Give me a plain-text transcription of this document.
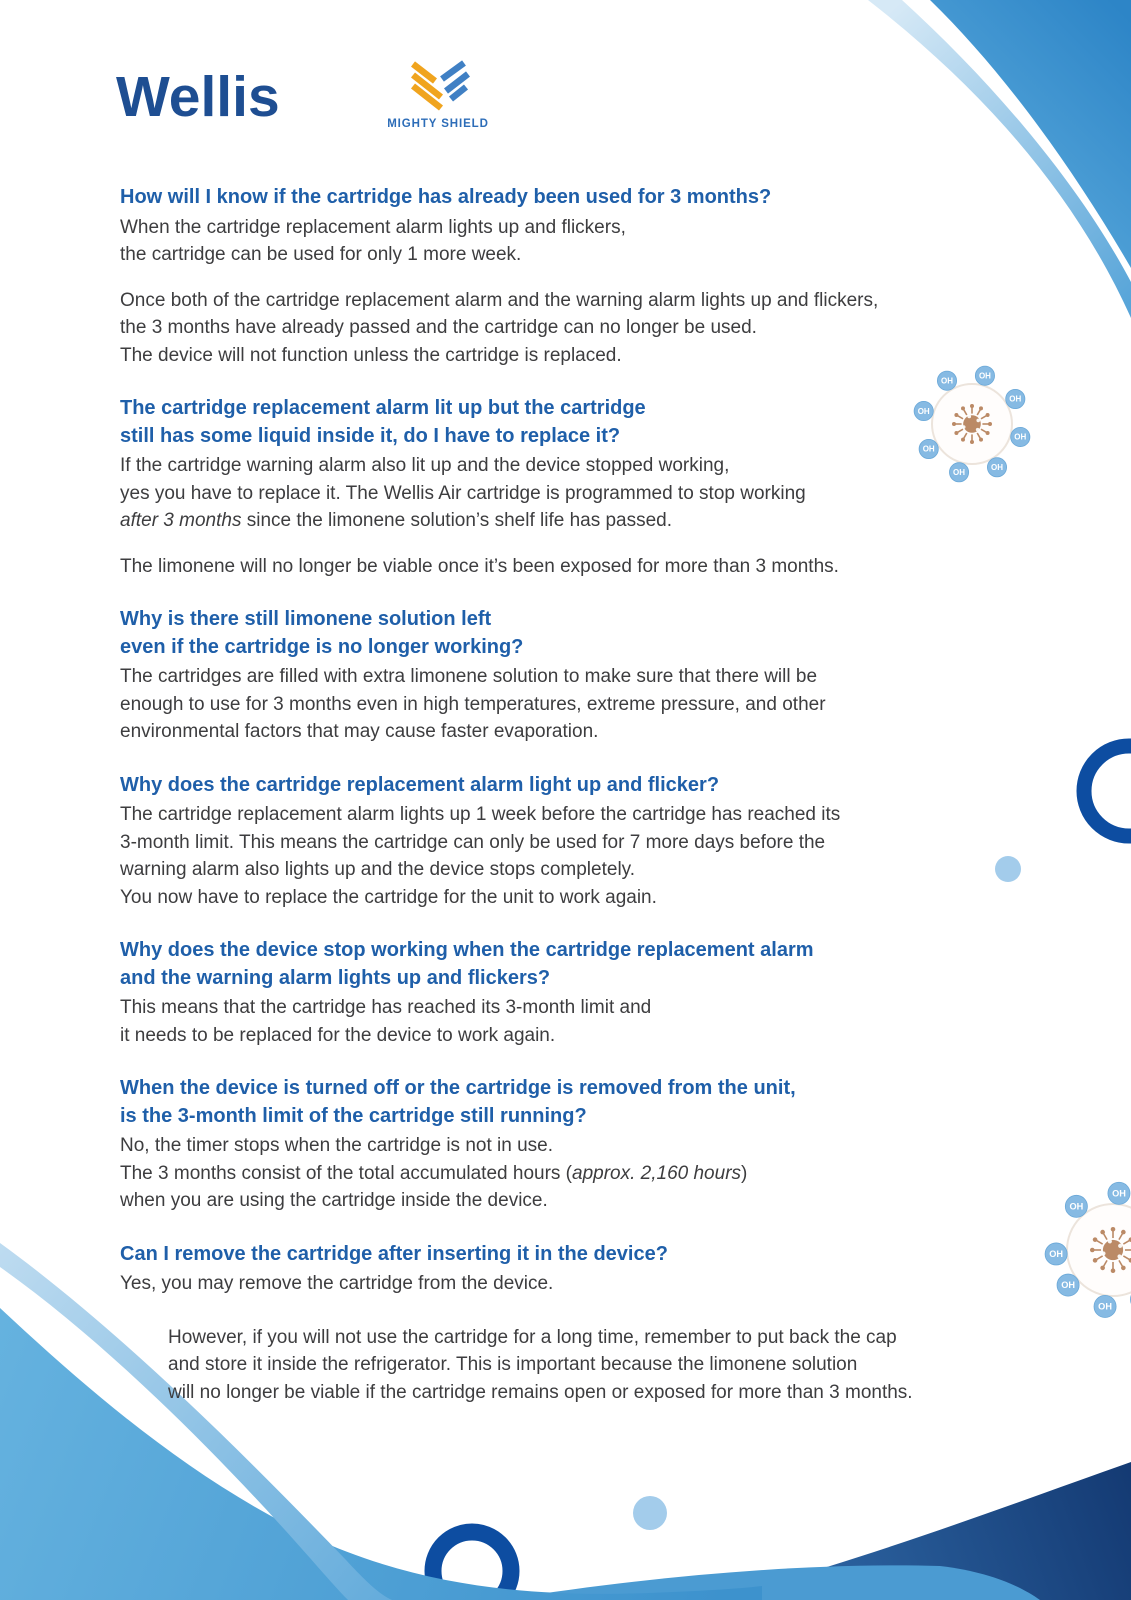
OH
OH
OH
OH
OH
OH
OH
OH
OH
OH
OH
OH
OH
Wellis	MIGHTY SHIELD
How will I know if the cartridge has already been used for 3 months?
When the cartridge replacement alarm lights up and flickers,
the cartridge can be used for only 1 more week.
Once both of the cartridge replacement alarm and the warning alarm lights up and flickers,
the 3 months have already passed and the cartridge can no longer be used.
The device will not function unless the cartridge is replaced.
The cartridge replacement alarm lit up but the cartridge
still has some liquid inside it, do I have to replace it?
If the cartridge warning alarm also lit up and the device stopped working,
yes you have to replace it. The Wellis Air cartridge is programmed to stop working
after 3 months since the limonene solution’s shelf life has passed.
The limonene will no longer be viable once it’s been exposed for more than 3 months.
Why is there still limonene solution left
even if the cartridge is no longer working?
The cartridges are filled with extra limonene solution to make sure that there will be
enough to use for 3 months even in high temperatures, extreme pressure, and other
environmental factors that may cause faster evaporation.
Why does the cartridge replacement alarm light up and flicker?
The cartridge replacement alarm lights up 1 week before the cartridge has reached its
3-month limit. This means the cartridge can only be used for 7 more days before the
warning alarm also lights up and the device stops completely.
You now have to replace the cartridge for the unit to work again.
Why does the device stop working when the cartridge replacement alarm
and the warning alarm lights up and flickers?
This means that the cartridge has reached its 3-month limit and
it needs to be replaced for the device to work again.
When the device is turned off or the cartridge is removed from the unit,
is the 3-month limit of the cartridge still running?
No, the timer stops when the cartridge is not in use.
The 3 months consist of the total accumulated hours (approx. 2,160 hours)
when you are using the cartridge inside the device.
Can I remove the cartridge after inserting it in the device?
Yes, you may remove the cartridge from the device.
However, if you will not use the cartridge for a long time, remember to put back the cap
and store it inside the refrigerator. This is important because the limonene solution
will no longer be viable if the cartridge remains open or exposed for more than 3 months.
